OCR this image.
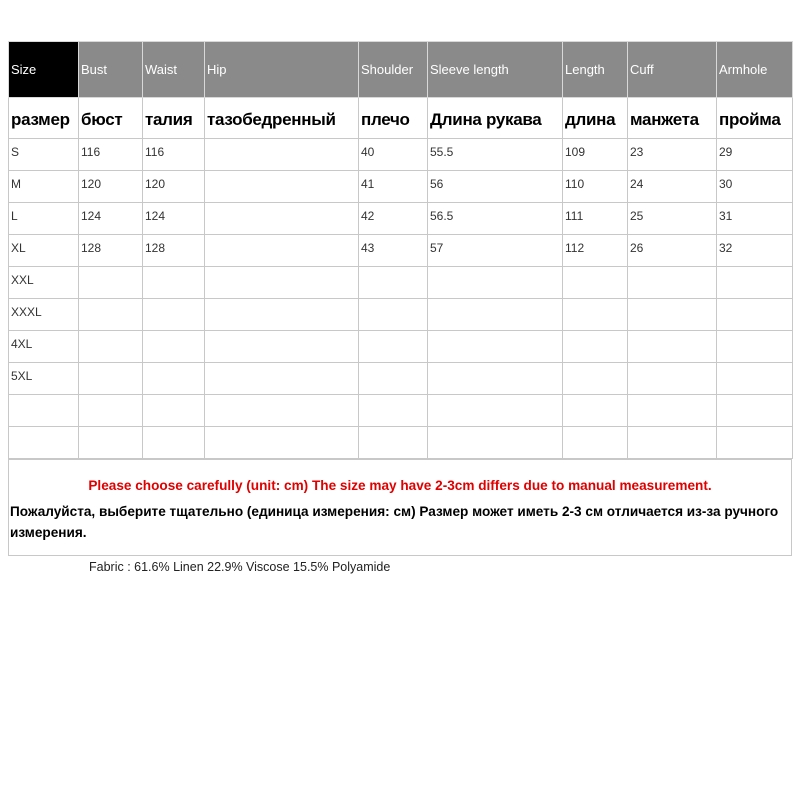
Size	Bust	Waist	Hip	Shoulder	Sleeve length	Length	Cuff	Armhole
размер	бюст	талия	тазобедренный	плечо	Длина рукава	длина	манжета	пройма
S	116	116		40	55.5	109	23	29
M	120	120		41	56	110	24	30
L	124	124		42	56.5	111	25	31
XL	128	128		43	57	112	26	32
XXL								
XXXL								
4XL								
5XL								

Please choose carefully (unit: cm) The size may have 2-3cm differs due to manual measurement.
Пожалуйста, выберите тщательно (единица измерения: см) Размер может иметь 2-3 см отличается из-за ручного измерения.
Fabric : 61.6% Linen 22.9% Viscose 15.5% Polyamide
